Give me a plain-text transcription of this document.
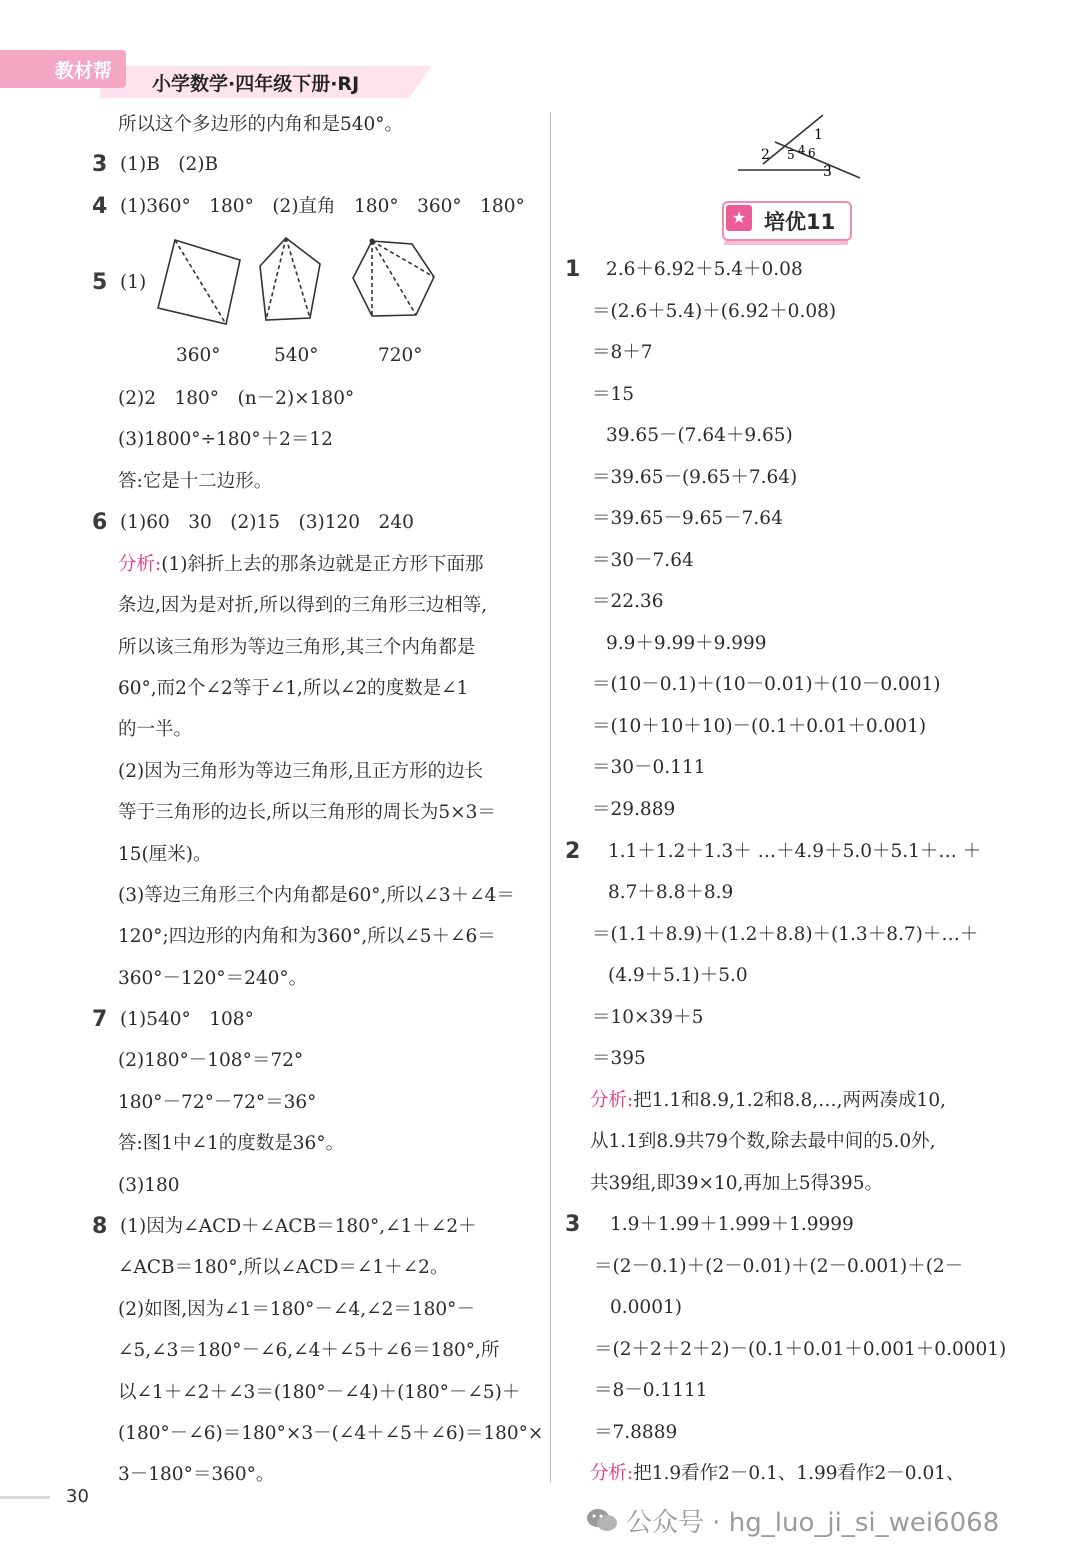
教材帮
小学数学·四年级下册·RJ
所以这个多边形的内角和是540°。
3 (1)B　(2)B
4 (1)360°　180°　(2)直角　180°　360°　180°
5 (1)
360°	540°	720°
(2)2　180°　(n－2)×180°
(3)1800°÷180°＋2＝12
答:它是十二边形。
6 (1)60　30　(2)15　(3)120　240
分析:(1)斜折上去的那条边就是正方形下面那
条边,因为是对折,所以得到的三角形三边相等,
所以该三角形为等边三角形,其三个内角都是
60°,而2个∠2等于∠1,所以∠2的度数是∠1
的一半。
(2)因为三角形为等边三角形,且正方形的边长
等于三角形的边长,所以三角形的周长为5×3＝
15(厘米)。
(3)等边三角形三个内角都是60°,所以∠3＋∠4＝
120°;四边形的内角和为360°,所以∠5＋∠6＝
360°－120°＝240°。
7 (1)540°　108°
(2)180°－108°＝72°
180°－72°－72°＝36°
答:图1中∠1的度数是36°。
(3)180
8 (1)因为∠ACD＋∠ACB＝180°,∠1＋∠2＋
∠ACB＝180°,所以∠ACD＝∠1＋∠2。
(2)如图,因为∠1＝180°－∠4,∠2＝180°－
∠5,∠3＝180°－∠6,∠4＋∠5＋∠6＝180°,所
以∠1＋∠2＋∠3＝(180°－∠4)＋(180°－∠5)＋
(180°－∠6)＝180°×3－(∠4＋∠5＋∠6)＝180°×
3－180°＝360°。
1
2 5 4 6
3
★ 培优11
1 2.6＋6.92＋5.4＋0.08
＝(2.6＋5.4)＋(6.92＋0.08)
＝8＋7
＝15
39.65－(7.64＋9.65)
＝39.65－(9.65＋7.64)
＝39.65－9.65－7.64
＝30－7.64
＝22.36
9.9＋9.99＋9.999
＝(10－0.1)＋(10－0.01)＋(10－0.001)
＝(10＋10＋10)－(0.1＋0.01＋0.001)
＝30－0.111
＝29.889
2 1.1＋1.2＋1.3＋ …＋4.9＋5.0＋5.1＋… ＋
8.7＋8.8＋8.9
＝(1.1＋8.9)＋(1.2＋8.8)＋(1.3＋8.7)＋…＋
(4.9＋5.1)＋5.0
＝10×39＋5
＝395
分析:把1.1和8.9,1.2和8.8,…,两两凑成10,
从1.1到8.9共79个数,除去最中间的5.0外,
共39组,即39×10,再加上5得395。
3 1.9＋1.99＋1.999＋1.9999
＝(2－0.1)＋(2－0.01)＋(2－0.001)＋(2－
0.0001)
＝(2＋2＋2＋2)－(0.1＋0.01＋0.001＋0.0001)
＝8－0.1111
＝7.8889
分析:把1.9看作2－0.1、1.99看作2－0.01、
30
公众号 · hg_luo_ji_si_wei6068
